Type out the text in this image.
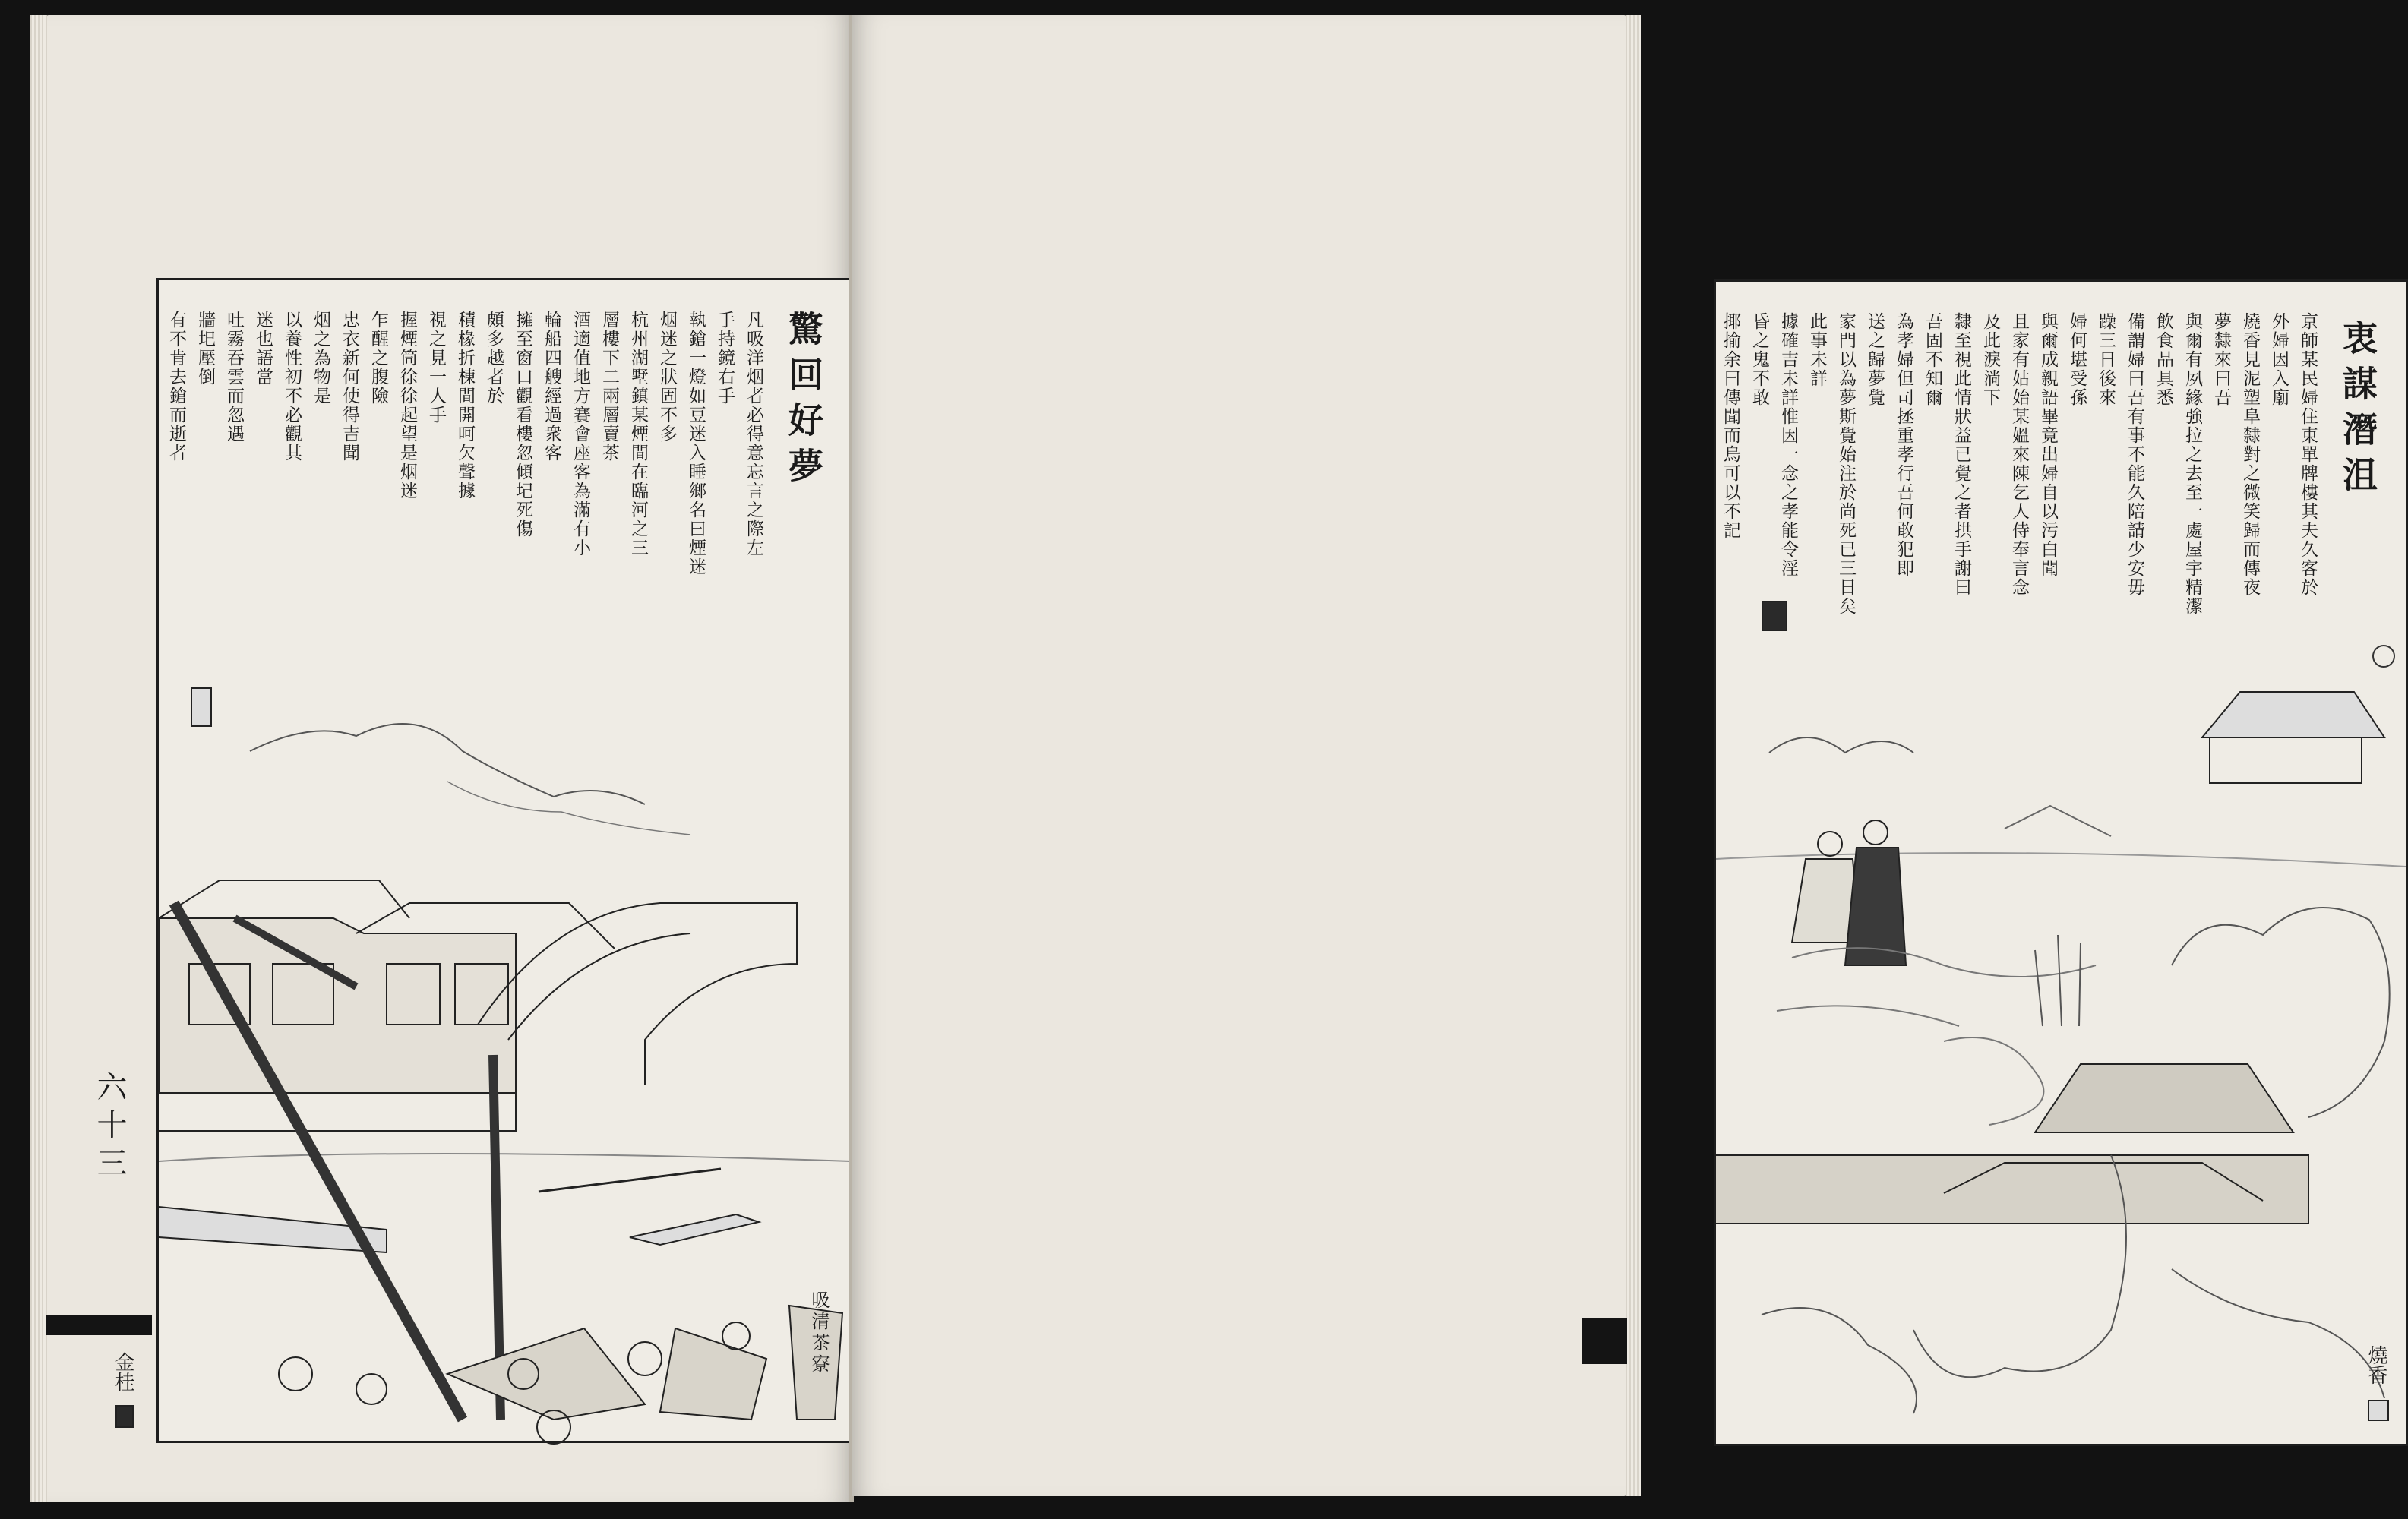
驚回好夢
凡吸洋烟者必得意忘言之際左
手持鏡右手
執鎗一燈如豆迷入睡鄉名曰煙迷
烟迷之狀固不多
杭州湖墅鎮某煙間在臨河之三
層樓下二兩層賣茶
酒適值地方賽會座客為滿有小
輪船四艘經過衆客
擁至窗口觀看樓忽傾圮死傷
頗多越者於
積椽折棟間開呵欠聲據
視之見一人手
握煙筒徐徐起望是烟迷
乍醒之腹險
忠衣新何使得吉聞
烟之為物是
以養性初不必觀其
迷也語當
吐霧吞雲而忽遇
牆圯壓倒
有不肯去鎗而逝者
吸清茶寮
六十三
金桂
衷謀潛沮
京師某民婦住東單牌樓其夫久客於
外婦因入廟
燒香見泥塑阜隸對之微笑歸而傳夜
夢隸來曰吾
與爾有夙緣強拉之去至一處屋宇精潔
飲食品具悉
備謂婦曰吾有事不能久陪請少安毋
躁三日後來
婦何堪受孫
與爾成親語畢竟出婦自以污白聞
且家有姑始某媼來陳乞人侍奉言念
及此淚淌下
隸至視此情狀益已覺之者拱手謝曰
吾固不知爾
為孝婦但司拯重孝行吾何敢犯即
送之歸夢覺
家門以為夢斯覺始注於尚死已三日矣
此事未詳
據確吉未詳惟因一念之孝能令淫
昏之鬼不敢
揶揄余曰傳聞而烏可以不記
燒香
